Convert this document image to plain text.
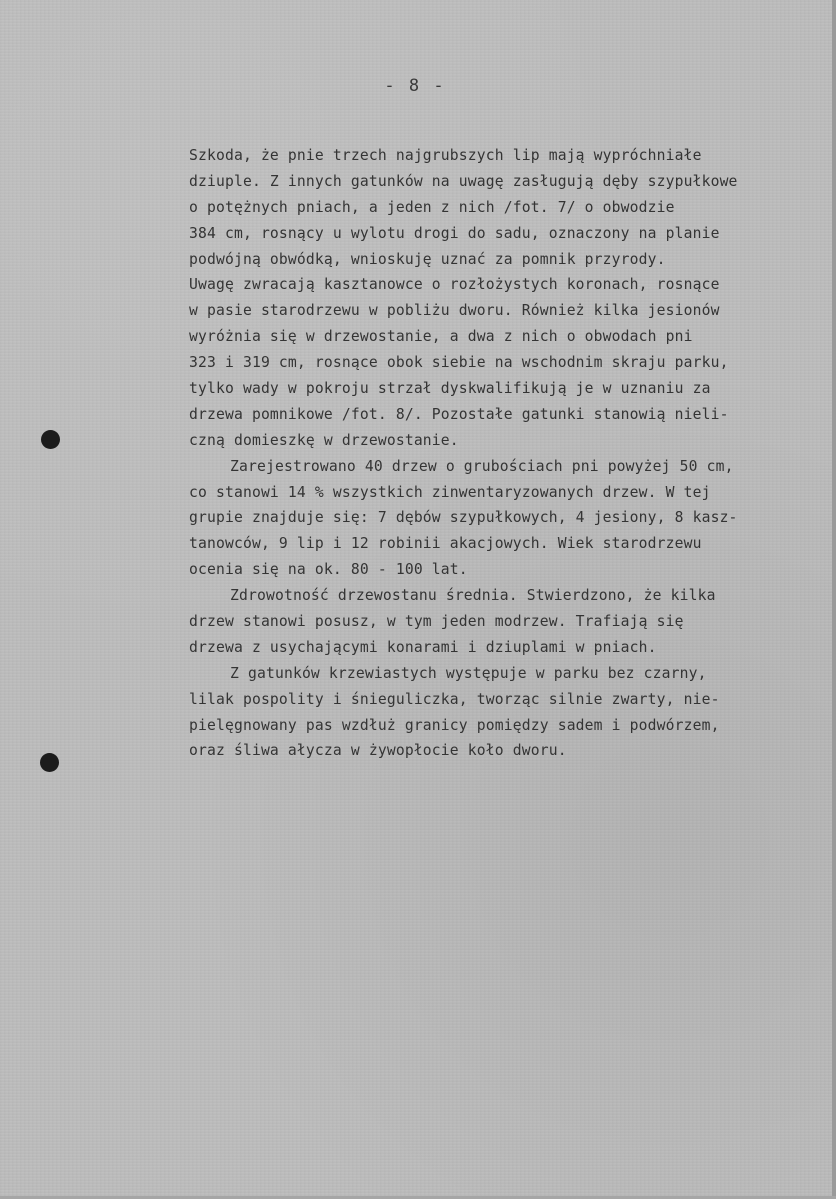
- 8 -
Szkoda, że pnie trzech najgrubszych lip mają wypróchniałe
dziuple. Z innych gatunków na uwagę zasługują dęby szypułkowe
o potężnych pniach, a jeden z nich /fot. 7/ o obwodzie
384 cm, rosnący u wylotu drogi do sadu, oznaczony na planie
podwójną obwódką, wnioskuję uznać za pomnik przyrody.
Uwagę zwracają kasztanowce o rozłożystych koronach, rosnące
w pasie starodrzewu w pobliżu dworu. Również kilka jesionów
wyróżnia się w drzewostanie, a dwa z nich o obwodach pni
323 i 319 cm, rosnące obok siebie na wschodnim skraju parku,
tylko wady w pokroju strzał dyskwalifikują je w uznaniu za
drzewa pomnikowe /fot. 8/. Pozostałe gatunki stanowią nieli-
czną domieszkę w drzewostanie.
Zarejestrowano 40 drzew o grubościach pni powyżej 50 cm,
co stanowi 14 % wszystkich zinwentaryzowanych drzew. W tej
grupie znajduje się: 7 dębów szypułkowych, 4 jesiony, 8 kasz-
tanowców, 9 lip i 12 robinii akacjowych. Wiek starodrzewu
ocenia się na ok. 80 - 100 lat.
Zdrowotność drzewostanu średnia. Stwierdzono, że kilka
drzew stanowi posusz, w tym jeden modrzew. Trafiają się
drzewa z usychającymi konarami i dziuplami w pniach.
Z gatunków krzewiastych występuje w parku bez czarny,
lilak pospolity i śnieguliczka, tworząc silnie zwarty, nie-
pielęgnowany pas wzdłuż granicy pomiędzy sadem i podwórzem,
oraz śliwa ałycza w żywopłocie koło dworu.
